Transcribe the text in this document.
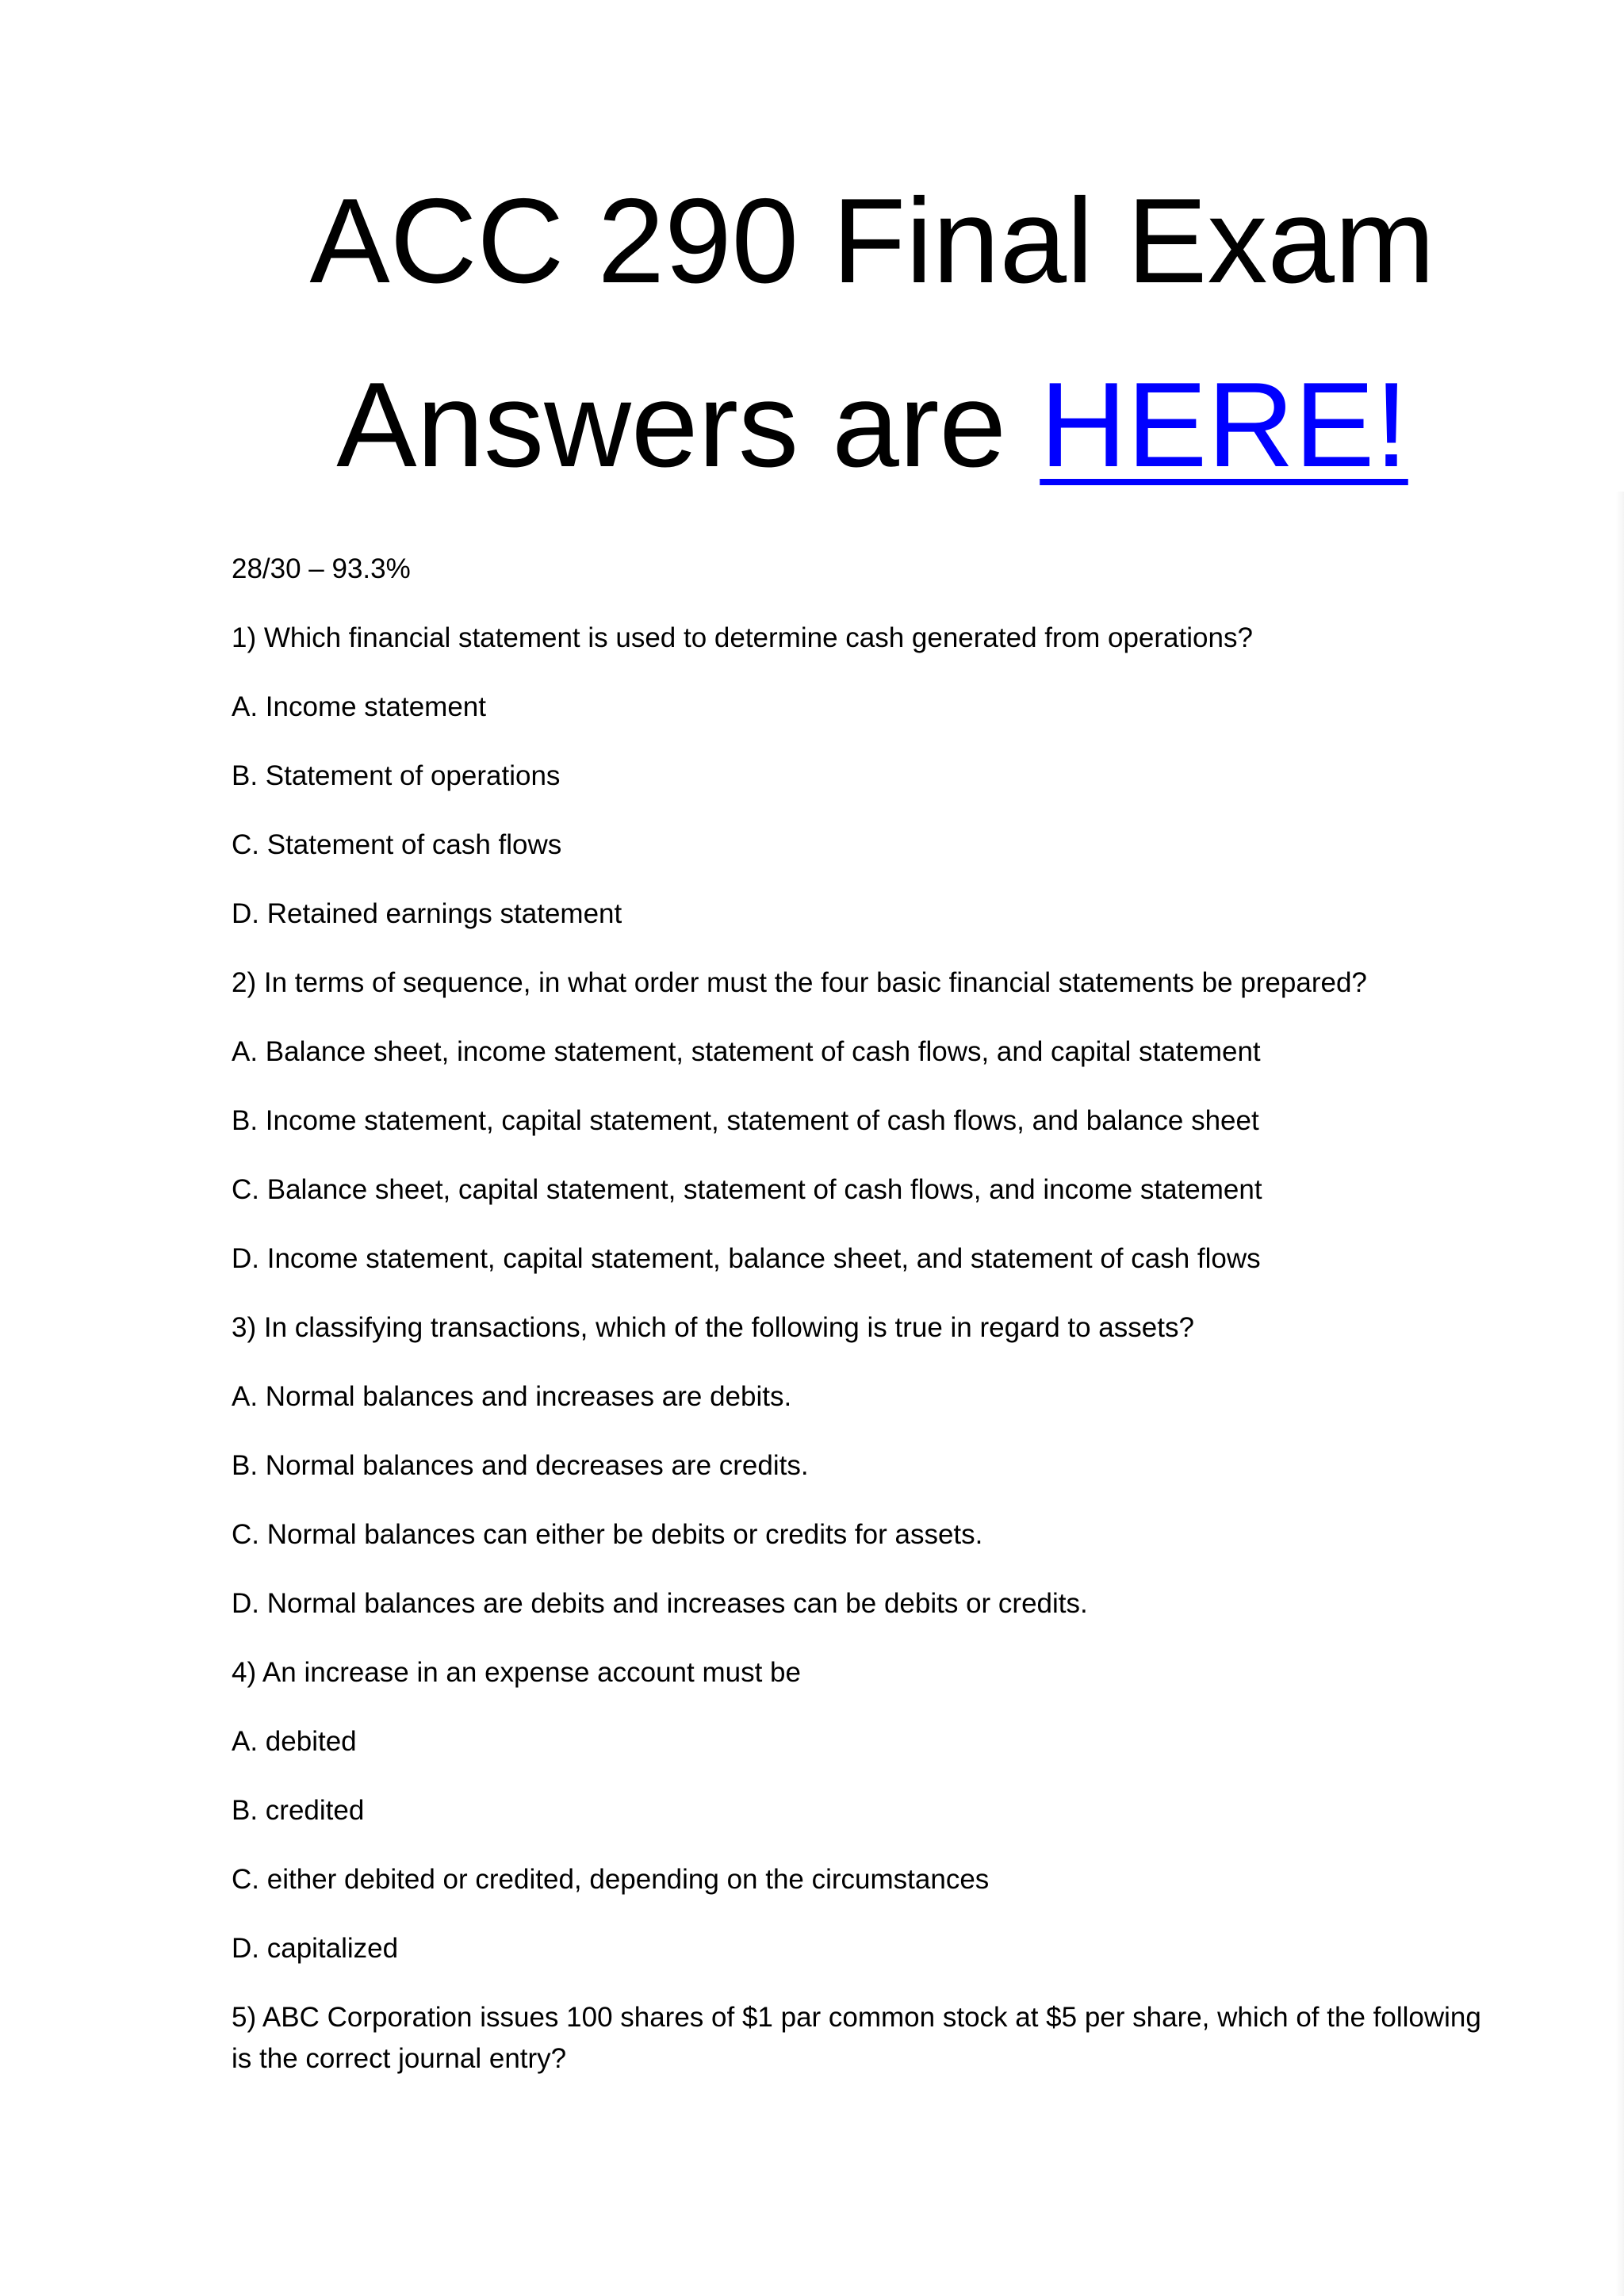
ACC 290 Final Exam
Answers are HERE!

28/30 – 93.3%

1) Which financial statement is used to determine cash generated from operations?

A. Income statement

B. Statement of operations

C. Statement of cash flows

D. Retained earnings statement

2) In terms of sequence, in what order must the four basic financial statements be prepared?

A. Balance sheet, income statement, statement of cash flows, and capital statement

B. Income statement, capital statement, statement of cash flows, and balance sheet

C. Balance sheet, capital statement, statement of cash flows, and income statement

D. Income statement, capital statement, balance sheet, and statement of cash flows

3) In classifying transactions, which of the following is true in regard to assets?

A. Normal balances and increases are debits.

B. Normal balances and decreases are credits.

C. Normal balances can either be debits or credits for assets.

D. Normal balances are debits and increases can be debits or credits.

4) An increase in an expense account must be

A. debited

B. credited

C. either debited or credited, depending on the circumstances

D. capitalized

5) ABC Corporation issues 100 shares of $1 par common stock at $5 per share, which of the following is the correct journal entry?
